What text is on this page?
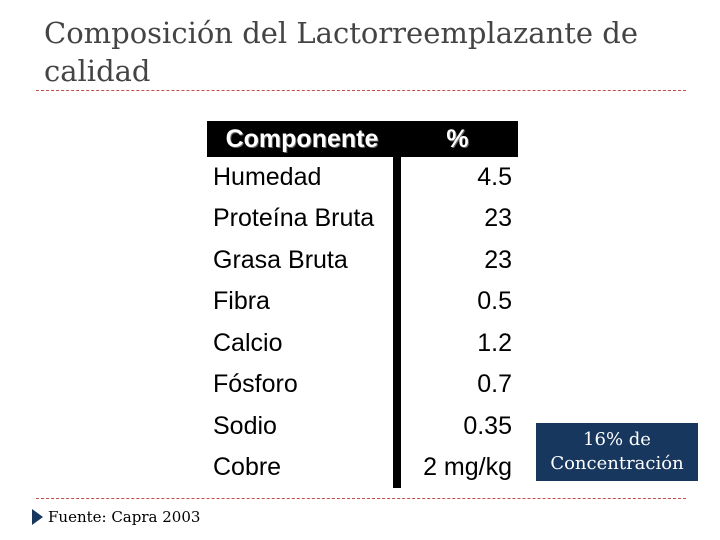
Composición del Lactorreemplazante de calidad
Componente	%
Humedad	4.5
Proteína Bruta	23
Grasa Bruta	23
Fibra	0.5
Calcio	1.2
Fósforo	0.7
Sodio	0.35
Cobre	2 mg/kg
16% de
Concentración
Fuente: Capra 2003
